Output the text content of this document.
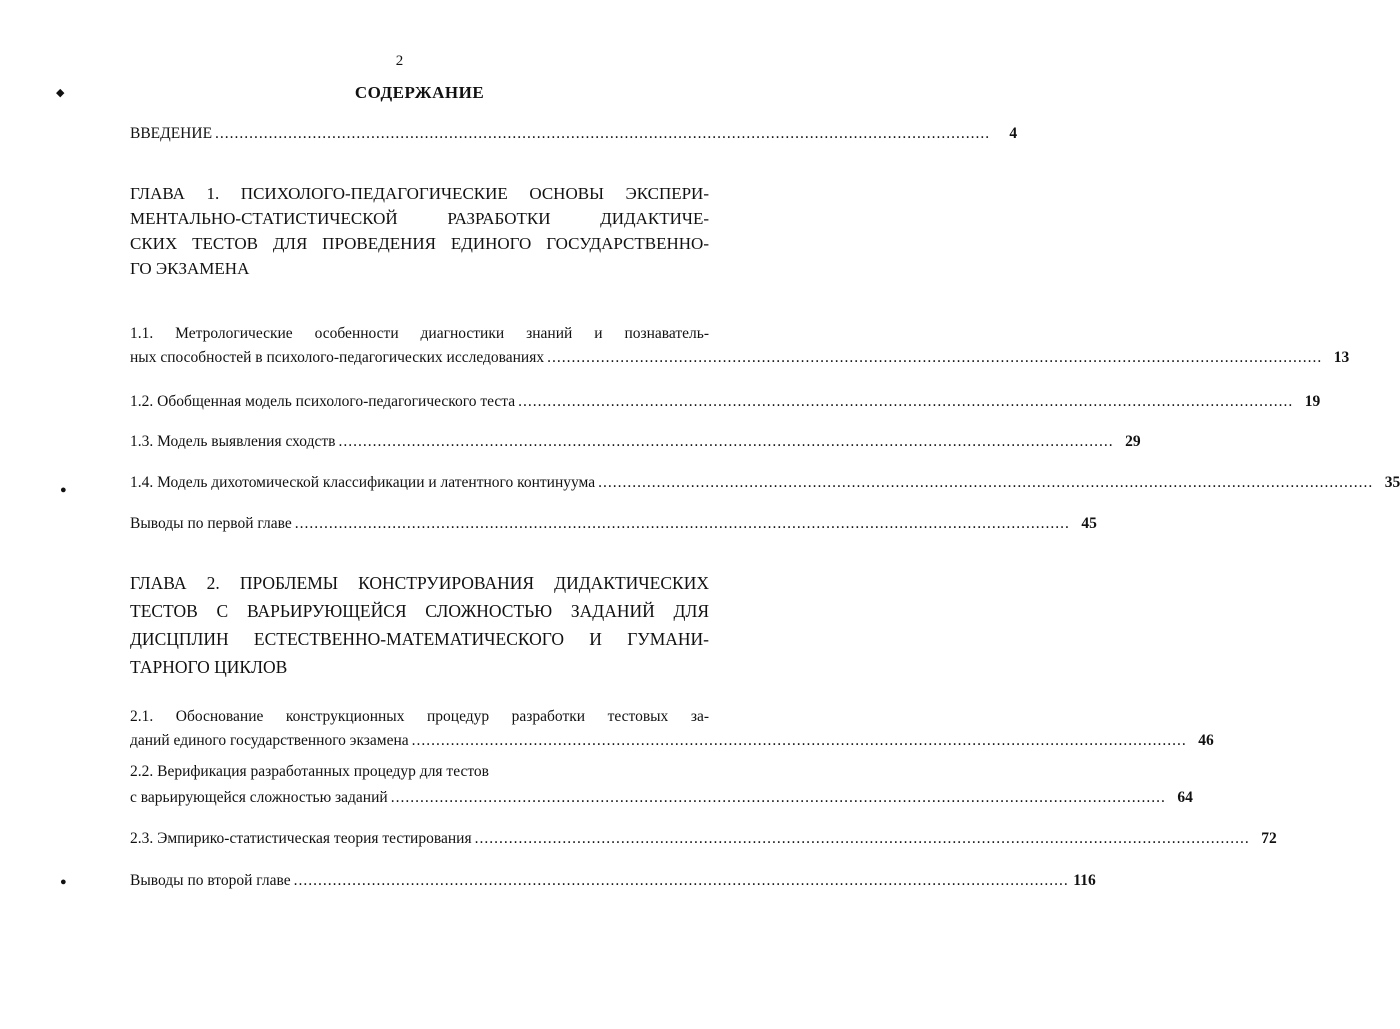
◆
●
●
2
СОДЕРЖАНИЕ
ВВЕДЕНИЕ ...............................................................................................................................................................	4
ГЛАВА 1. ПСИХОЛОГО-ПЕДАГОГИЧЕСКИЕ ОСНОВЫ ЭКСПЕРИ-
МЕНТАЛЬНО-СТАТИСТИЧЕСКОЙ РАЗРАБОТКИ ДИДАКТИЧЕ-
СКИХ ТЕСТОВ ДЛЯ ПРОВЕДЕНИЯ ЕДИНОГО ГОСУДАРСТВЕННО-
ГО ЭКЗАМЕНА
1.1. Метрологические особенности диагностики знаний и познаватель-
ных способностей в психолого-педагогических исследованиях ............................................................................................................................................................... 13
1.2. Обобщенная модель психолого-педагогического теста ............................................................................................................................................................... 19
1.3. Модель выявления сходств ............................................................................................................................................................... 29
1.4. Модель дихотомической классификации и латентного континуума ............................................................................................................................................................... 35
Выводы по первой главе ............................................................................................................................................................... 45
ГЛАВА 2. ПРОБЛЕМЫ КОНСТРУИРОВАНИЯ ДИДАКТИЧЕСКИХ
ТЕСТОВ С ВАРЬИРУЮЩЕЙСЯ СЛОЖНОСТЬЮ ЗАДАНИЙ ДЛЯ
ДИСЦПЛИН ЕСТЕСТВЕННО-МАТЕМАТИЧЕСКОГО И ГУМАНИ-
ТАРНОГО ЦИКЛОВ
2.1. Обоснование конструкционных процедур разработки тестовых за-
даний единого государственного экзамена ............................................................................................................................................................... 46
2.2. Верификация разработанных процедур для тестов
с варьирующейся сложностью заданий ............................................................................................................................................................... 64
2.3. Эмпирико-статистическая теория тестирования ............................................................................................................................................................... 72
Выводы по второй главе ............................................................................................................................................................... 116
